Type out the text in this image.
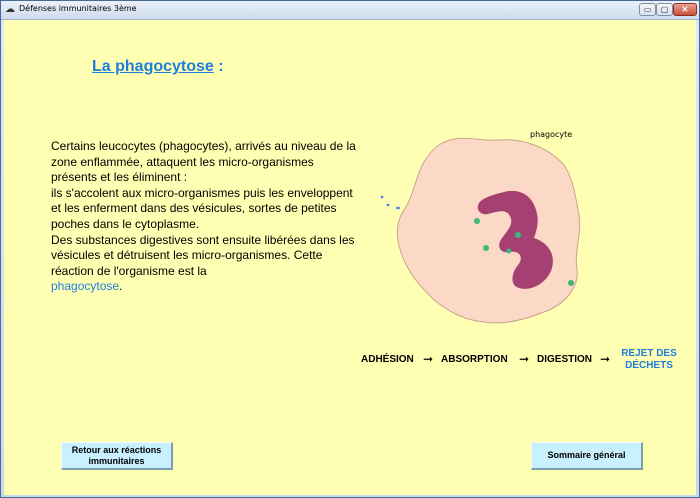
☁ Défenses immunitaires 3ème	▭	▢	✕
La phagocytose :

Certains leucocytes (phagocytes), arrivés au niveau de la zone enflammée, attaquent les micro-organismes présents et les éliminent :

ils s'accolent aux micro-organismes puis les enveloppent et les enferment dans des vésicules, sortes de petites poches dans le cytoplasme.

Des substances digestives sont ensuite libérées dans les vésicules et détruisent les micro-organismes. Cette réaction de l'organisme est la
phagocytose.

phagocyte
ADHÉSION ➞ ABSORPTION ➞ DIGESTION ➞	REJET DES DÉCHETS
Retour aux réactions immunitaires
Sommaire général
